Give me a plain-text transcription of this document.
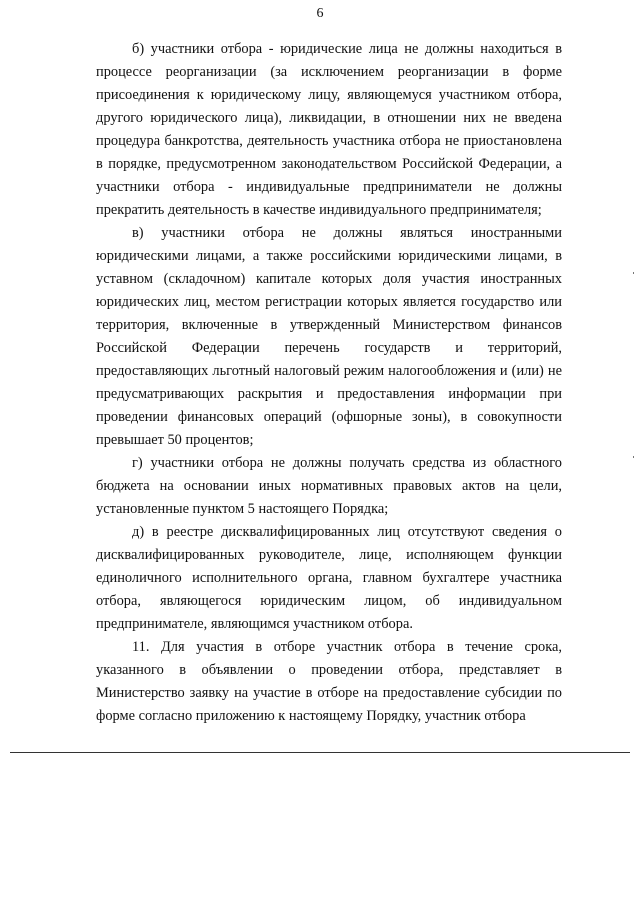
6

б) участники отбора - юридические лица не должны находиться в процессе реорганизации (за исключением реорганизации в форме присоединения к юридическому лицу, являющемуся участником отбора, другого юридического лица), ликвидации, в отношении них не введена процедура банкротства, деятельность участника отбора не приостановлена в порядке, предусмотренном законодательством Российской Федерации, а участники отбора - индивидуальные предприниматели не должны прекратить деятельность в качестве индивидуального предпринимателя;

в) участники отбора не должны являться иностранными юридическими лицами, а также российскими юридическими лицами, в уставном (складочном) капитале которых доля участия иностранных юридических лиц, местом регистрации которых является государство или территория, включенные в утвержденный Министерством финансов Российской Федерации перечень государств и территорий, предоставляющих льготный налоговый режим налогообложения и (или) не предусматривающих раскрытия и предоставления информации при проведении финансовых операций (офшорные зоны), в совокупности превышает 50 процентов;

г) участники отбора не должны получать средства из областного бюджета на основании иных нормативных правовых актов на цели, установленные пунктом 5 настоящего Порядка;

д) в реестре дисквалифицированных лиц отсутствуют сведения о дисквалифицированных руководителе, лице, исполняющем функции единоличного исполнительного органа, главном бухгалтере участника отбора, являющегося юридическим лицом, об индивидуальном предпринимателе, являющимся участником отбора.

11. Для участия в отборе участник отбора в течение срока, указанного в объявлении о проведении отбора, представляет в Министерство заявку на участие в отборе на предоставление субсидии по форме согласно приложению к настоящему Порядку, участник отбора
